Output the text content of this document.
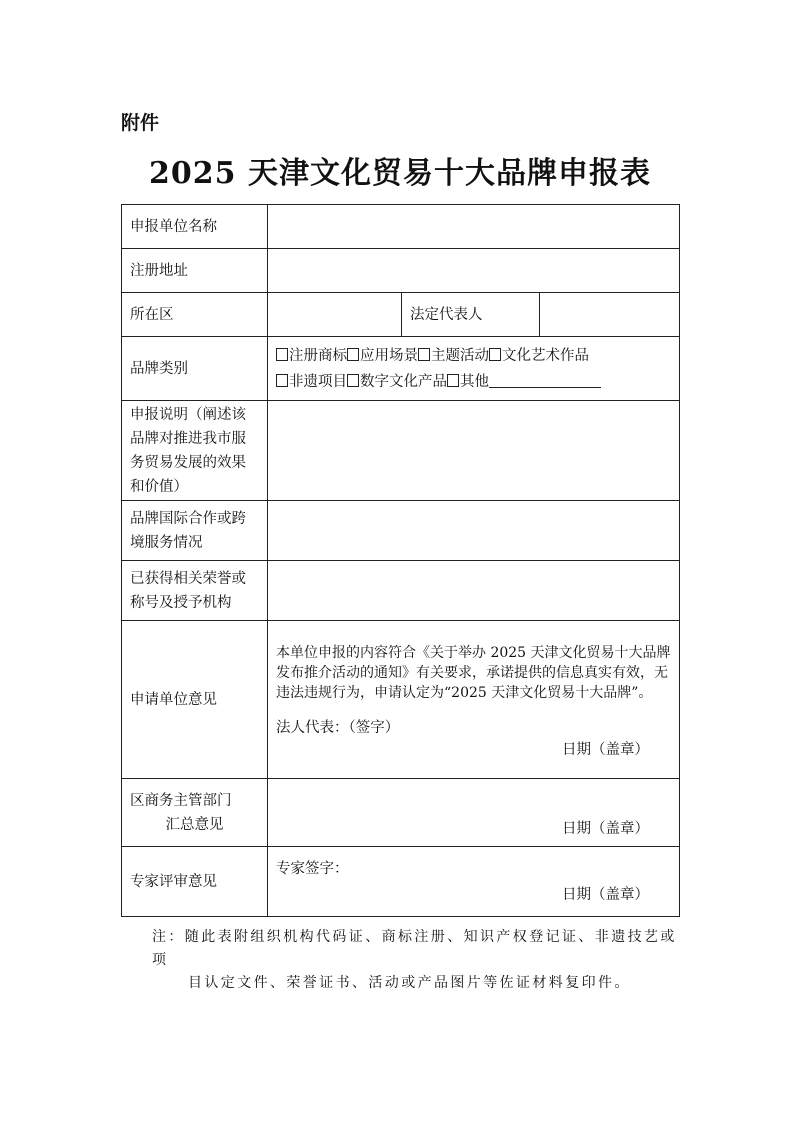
附件
2025 天津文化贸易十大品牌申报表
申报单位名称			
注册地址			
所在区		法定代表人	
品牌类别	注册商标 应用场景 主题活动 文化艺术作品
非遗项目 数字文化产品 其他		

申报说明（阐述该品牌对推进我市服务贸易发展的效果和价值）			
品牌国际合作或跨境服务情况			
已获得相关荣誉或称号及授予机构			
申请单位意见	本单位申报的内容符合《关于举办 2025 天津文化贸易十大品牌发布推介活动的通知》有关要求，承诺提供的信息真实有效，无违法违规行为，申请认定为“2025 天津文化贸易十大品牌”。
法人代表：（签字）
日期（盖章）		

区商务主管部门
汇总意见	日期（盖章）		

专家评审意见	专家签字：
日期（盖章）		
注：随此表附组织机构代码证、商标注册、知识产权登记证、非遗技艺或项
目认定文件、荣誉证书、活动或产品图片等佐证材料复印件。
